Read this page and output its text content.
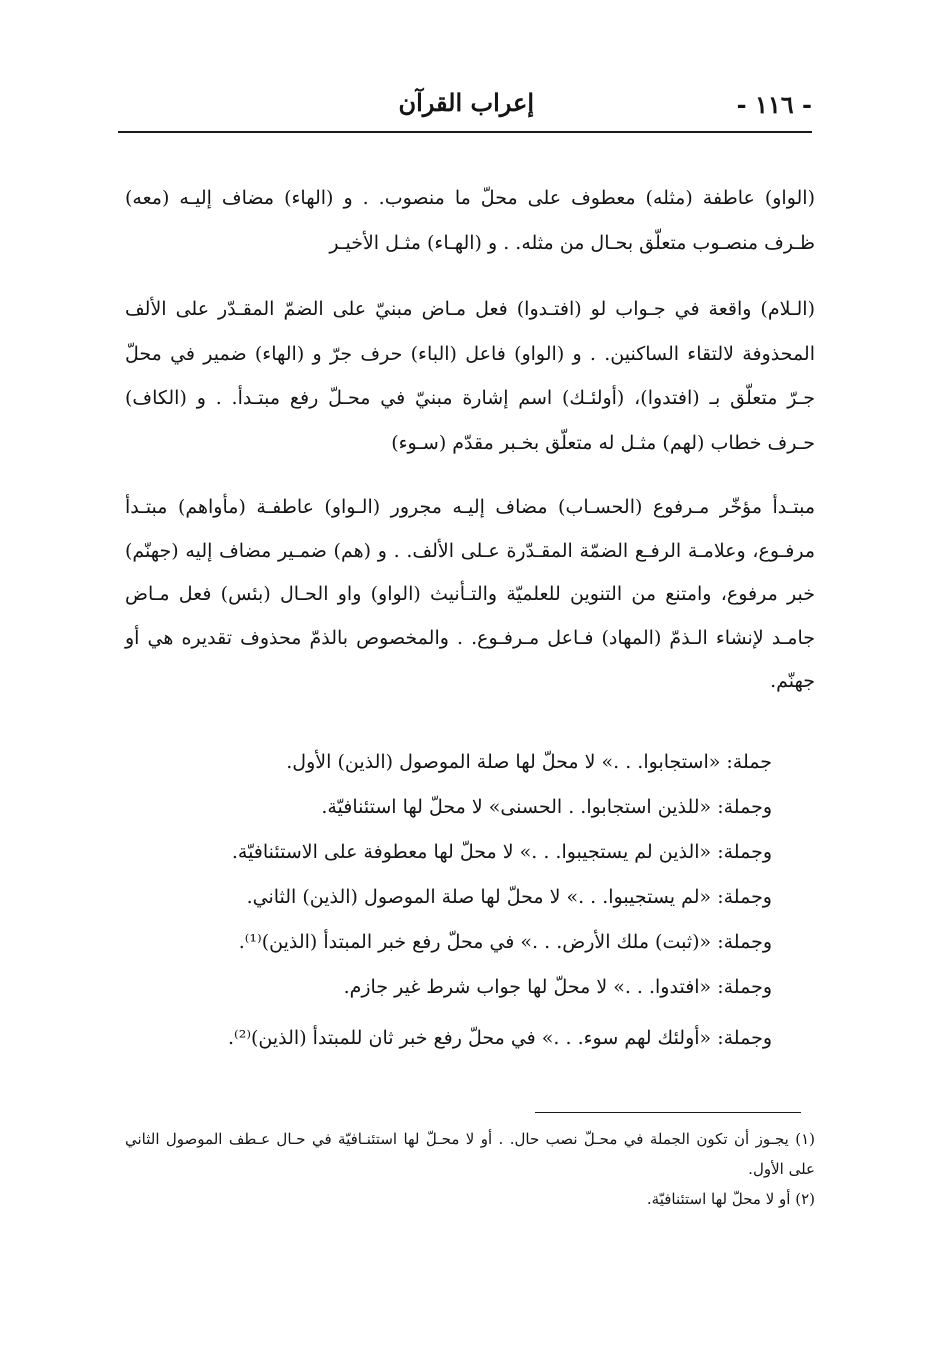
- ١١٦ -
إعراب القرآن

(الواو) عاطفة (مثله) معطوف على محلّ ما منصوب. . و (الهاء) مضاف إليـه (معه) ظـرف منصـوب متعلّق بحـال من مثله. . و (الهـاء) مثـل الأخيـر

(الـلام) واقعة في جـواب لو (افتـدوا) فعل مـاض مبنيّ على الضمّ المقـدّر على الألف المحذوفة لالتقاء الساكنين. . و (الواو) فاعل (الباء) حرف جرّ و (الهاء) ضمير في محلّ جـرّ متعلّق بـ (افتدوا)، (أولئـك) اسم إشارة مبنيّ في محـلّ رفع مبتـدأ. . و (الكاف) حـرف خطاب (لهم) مثـل له متعلّق بخـبر مقدّم (سـوء)

مبتـدأ مؤخّر مـرفوع (الحسـاب) مضاف إليـه مجرور (الـواو) عاطفـة (مأواهم) مبتـدأ مرفـوع، وعلامـة الرفـع الضمّة المقـدّرة عـلى الألف. . و (هم) ضمـير مضاف إليه (جهنّم) خبر مرفوع، وامتنع من التنوين للعلميّة والتـأنيث (الواو) واو الحـال (بئس) فعل مـاض جامـد لإنشاء الـذمّ (المهاد) فـاعل مـرفـوع. . والمخصوص بالذمّ محذوف تقديره هي أو جهنّم.

جملة: «استجابوا. . .» لا محلّ لها صلة الموصول (الذين) الأول.
وجملة: «للذين استجابوا. . الحسنى» لا محلّ لها استئنافيّة.
وجملة: «الذين لم يستجيبوا. . .» لا محلّ لها معطوفة على الاستئنافيّة.
وجملة: «لم يستجيبوا. . .» لا محلّ لها صلة الموصول (الذين) الثاني.
وجملة: «(ثبت) ملك الأرض. . .» في محلّ رفع خبر المبتدأ (الذين)⁽¹⁾.
وجملة: «افتدوا. . .» لا محلّ لها جواب شرط غير جازم.
وجملة: «أولئك لهم سوء. . .» في محلّ رفع خبر ثان للمبتدأ (الذين)⁽²⁾.

(١) يجـوز أن تكون الجملة في محـلّ نصب حال. . أو لا محـلّ لها استئنـافيّة في حـال عـطف الموصول الثاني على الأول.

(٢) أو لا محلّ لها استئنافيّة.
